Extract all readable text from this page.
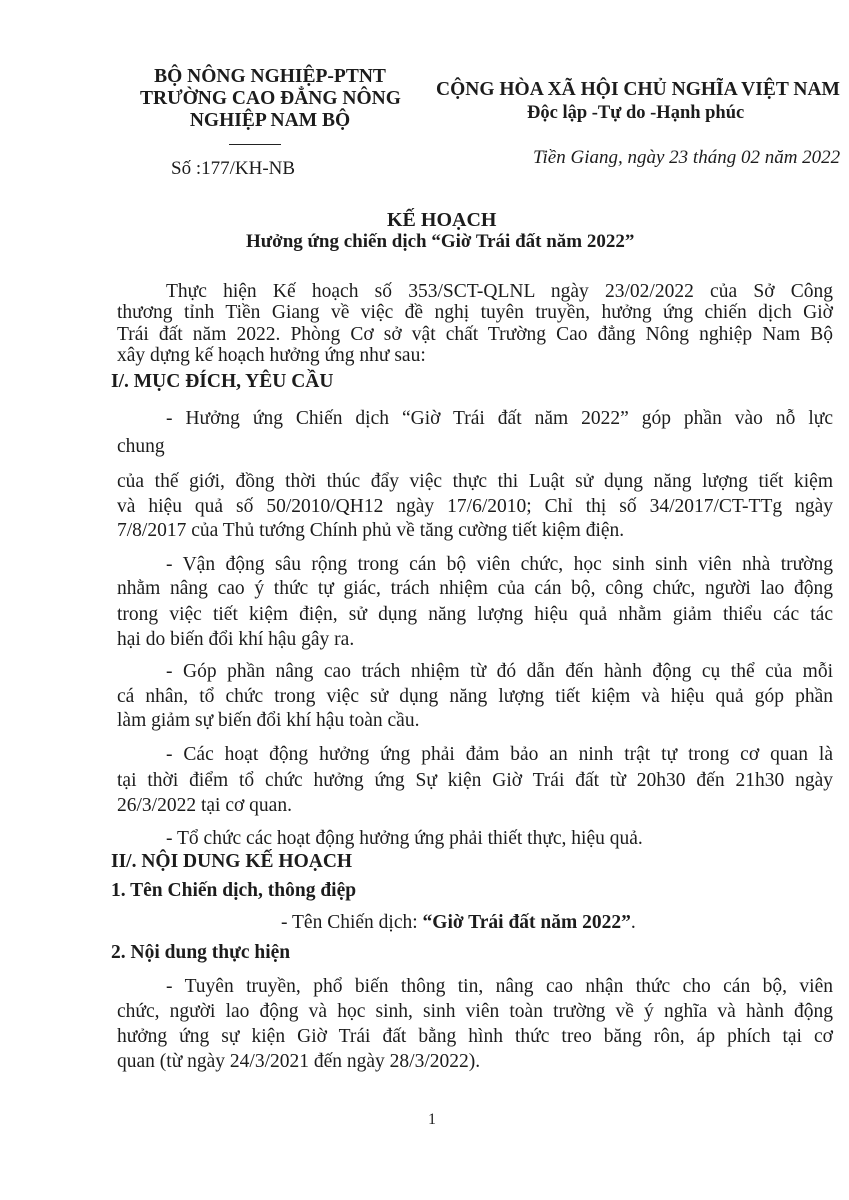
BỘ NÔNG NGHIỆP-PTNT
TRƯỜNG CAO ĐẲNG NÔNG
NGHIỆP NAM BỘ
Số :177/KH-NB
CỘNG HÒA XÃ HỘI CHỦ NGHĨA VIỆT NAM
Độc lập -Tự do -Hạnh phúc
Tiền Giang, ngày 23 tháng 02 năm 2022
KẾ HOẠCH
Hưởng ứng chiến dịch “Giờ Trái đất năm 2022”
Thực hiện Kế hoạch số 353/SCT-QLNL ngày 23/02/2022 của Sở Công
thương tỉnh Tiền Giang về việc đề nghị tuyên truyền, hưởng ứng chiến dịch Giờ
Trái đất năm 2022. Phòng Cơ sở vật chất Trường Cao đẳng Nông nghiệp Nam Bộ
xây dựng kế hoạch hưởng ứng như sau:
I/. MỤC ĐÍCH, YÊU CẦU
- Hưởng ứng Chiến dịch “Giờ Trái đất năm 2022” góp phần vào nỗ lực
chung
của thế giới, đồng thời thúc đẩy việc thực thi Luật sử dụng năng lượng tiết kiệm
và hiệu quả số 50/2010/QH12 ngày 17/6/2010; Chỉ thị số 34/2017/CT-TTg ngày
7/8/2017 của Thủ tướng Chính phủ về tăng cường tiết kiệm điện.
- Vận động sâu rộng trong cán bộ viên chức, học sinh sinh viên nhà trường
nhằm nâng cao ý thức tự giác, trách nhiệm của cán bộ, công chức, người lao động
trong việc tiết kiệm điện, sử dụng năng lượng hiệu quả nhằm giảm thiểu các tác
hại do biến đổi khí hậu gây ra.
- Góp phần nâng cao trách nhiệm từ đó dẫn đến hành động cụ thể của mỗi
cá nhân, tổ chức trong việc sử dụng năng lượng tiết kiệm và hiệu quả góp phần
làm giảm sự biến đổi khí hậu toàn cầu.
- Các hoạt động hưởng ứng phải đảm bảo an ninh trật tự trong cơ quan là
tại thời điểm tổ chức hưởng ứng Sự kiện Giờ Trái đất từ 20h30 đến 21h30 ngày
26/3/2022 tại cơ quan.
- Tổ chức các hoạt động hưởng ứng phải thiết thực, hiệu quả.
II/. NỘI DUNG KẾ HOẠCH
1. Tên Chiến dịch, thông điệp
- Tên Chiến dịch: “Giờ Trái đất năm 2022”.
2. Nội dung thực hiện
- Tuyên truyền, phổ biến thông tin, nâng cao nhận thức cho cán bộ, viên
chức, người lao động và học sinh, sinh viên toàn trường về ý nghĩa và hành động
hưởng ứng sự kiện Giờ Trái đất bằng hình thức treo băng rôn, áp phích tại cơ
quan (từ ngày 24/3/2021 đến ngày 28/3/2022).
1
